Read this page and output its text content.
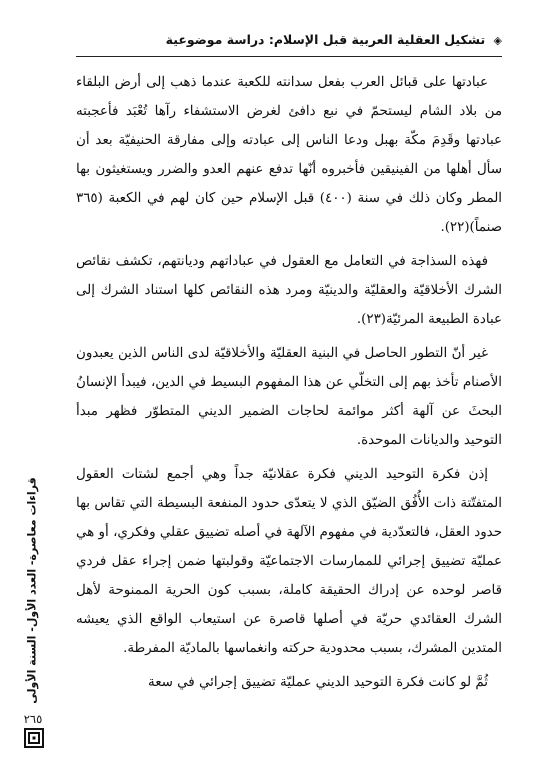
◈ تشكيل العقلية العربية قبل الإسلام: دراسة موضوعية

عبادتها على قبائل العرب بفعل سدانته للكعبة عندما ذهب إلى أرض البلقاء من بلاد الشام ليستحمّ في نبع دافئ لغرض الاستشفاء رآها تُعْبَد فأعجبته عبادتها وقَدِمَ مكّة بهبل ودعا الناس إلى عبادته وإلى مفارقة الحنيفيّة بعد أن سأل أهلها من الفينيقين فأخبروه أنّها تدفع عنهم العدو والضرر ويستغيثون بها المطر وكان ذلك في سنة (٤٠٠) قبل الإسلام حين كان لهم في الكعبة (٣٦٥ صنماً)(٢٢).

فهذه السذاجة في التعامل مع العقول في عباداتهم وديانتهم، تكشف نقائص الشرك الأخلاقيّة والعقليّة والدينيّة ومرد هذه النقائص كلها استناد الشرك إلى عبادة الطبيعة المرئيّة(٢٣).

غير أنّ التطور الحاصل في البنية العقليّة والأخلاقيّة لدى الناس الذين يعبدون الأصنام تأخذ بهم إلى التخلّي عن هذا المفهوم البسيط في الدين، فيبدأ الإنسانُ البحثَ عن آلهة أكثر موائمة لحاجات الضمير الديني المتطوّر فظهر مبدأ التوحيد والديانات الموحدة.

إذن فكرة التوحيد الديني فكرة عقلانيّة جداً وهي أجمع لشتات العقول المتفتّتة ذات الأُفُق الضيّق الذي لا يتعدّى حدود المنفعة البسيطة التي تقاس بها حدود العقل، فالتعدّدية في مفهوم الآلهة في أصله تضييق عقلي وفكري، أو هي عمليّة تضييق إجرائي للممارسات الاجتماعيّة وقولبتها ضمن إجراء عقل فردي قاصر لوحده عن إدراك الحقيقة كاملة، بسبب كون الحرية الممنوحة لأهل الشرك العقائدي حريّة في أصلها قاصرة عن استيعاب الواقع الذي يعيشه المتدين المشرك، بسبب محدودية حركته وانغماسها بالماديّة المفرطة.

ثُمَّ لو كانت فكرة التوحيد الديني عمليّة تضييق إجرائي في سعة

قراءات معاصرة- العدد الأول- السنة الأولى
٢٦٥
